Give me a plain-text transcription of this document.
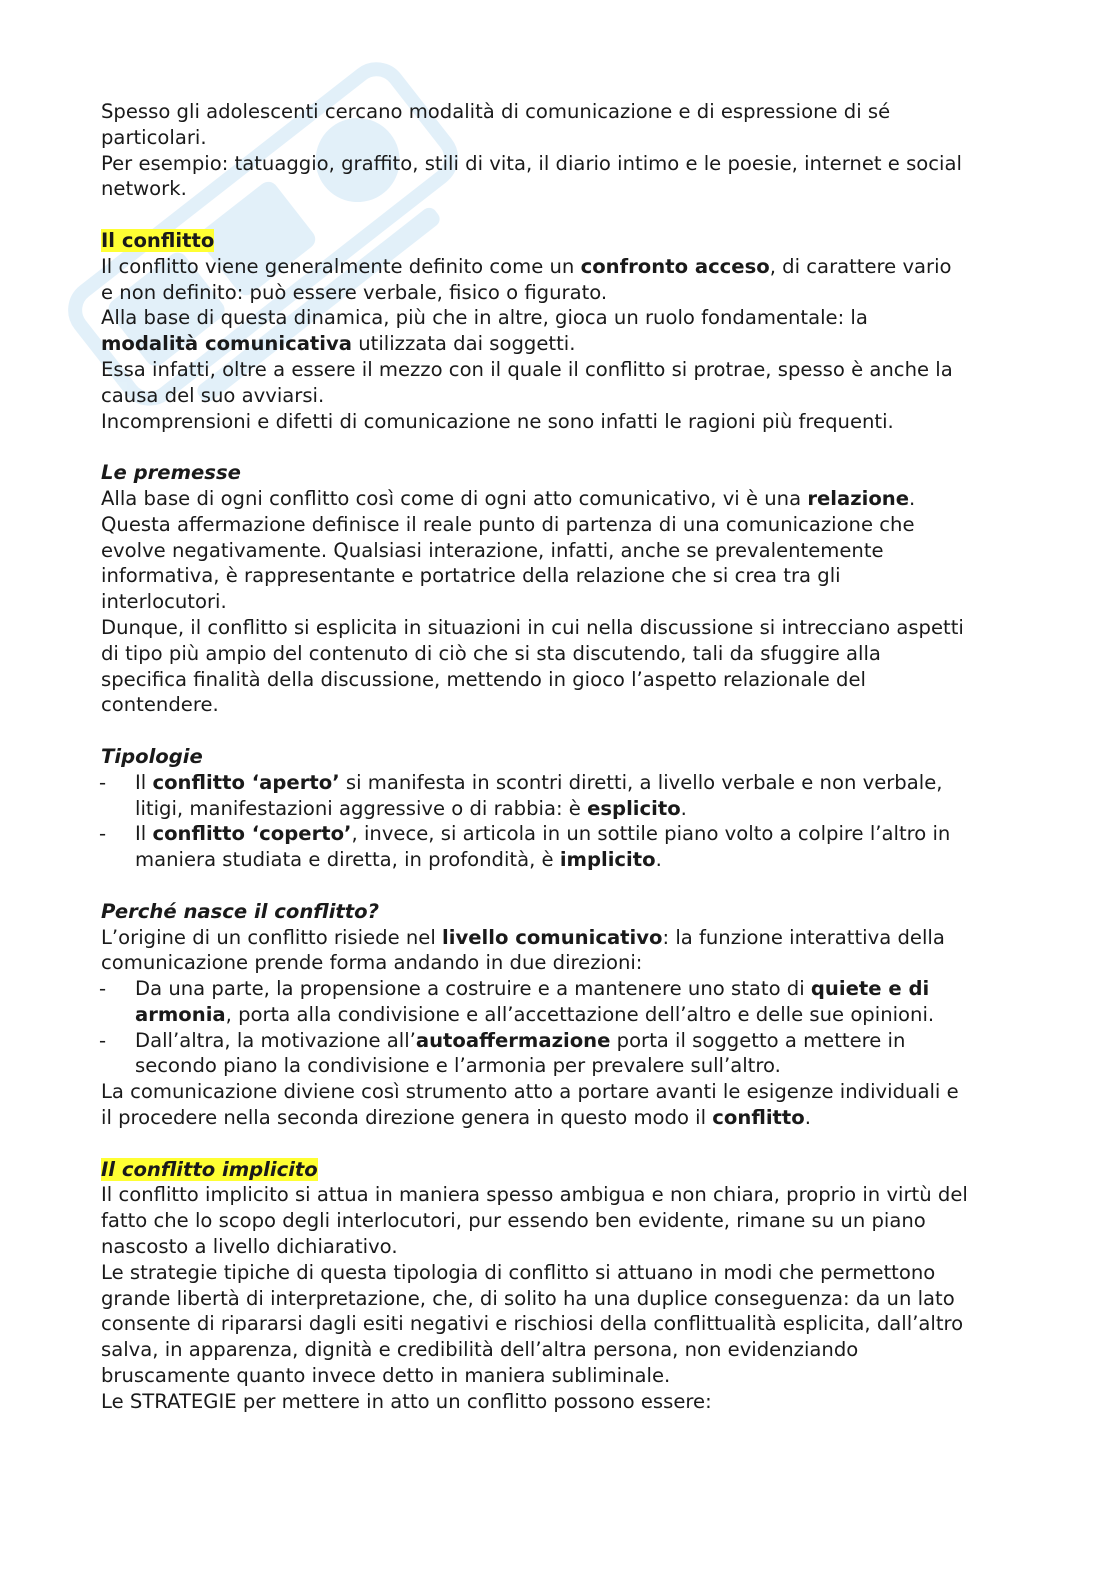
Spesso gli adolescenti cercano modalità di comunicazione e di espressione di sé
particolari.
Per esempio: tatuaggio, graffito, stili di vita, il diario intimo e le poesie, internet e social
network.
Il conflitto
Il conflitto viene generalmente definito come un confronto acceso, di carattere vario
e non definito: può essere verbale, fisico o figurato.
Alla base di questa dinamica, più che in altre, gioca un ruolo fondamentale: la
modalità comunicativa utilizzata dai soggetti.
Essa infatti, oltre a essere il mezzo con il quale il conflitto si protrae, spesso è anche la
causa del suo avviarsi.
Incomprensioni e difetti di comunicazione ne sono infatti le ragioni più frequenti.
Le premesse
Alla base di ogni conflitto così come di ogni atto comunicativo, vi è una relazione.
Questa affermazione definisce il reale punto di partenza di una comunicazione che
evolve negativamente. Qualsiasi interazione, infatti, anche se prevalentemente
informativa, è rappresentante e portatrice della relazione che si crea tra gli
interlocutori.
Dunque, il conflitto si esplicita in situazioni in cui nella discussione si intrecciano aspetti
di tipo più ampio del contenuto di ciò che si sta discutendo, tali da sfuggire alla
specifica finalità della discussione, mettendo in gioco l’aspetto relazionale del
contendere.
Tipologie
- Il conflitto ‘aperto’ si manifesta in scontri diretti, a livello verbale e non verbale,
litigi, manifestazioni aggressive o di rabbia: è esplicito.
- Il conflitto ‘coperto’, invece, si articola in un sottile piano volto a colpire l’altro in
maniera studiata e diretta, in profondità, è implicito.
Perché nasce il conflitto?
L’origine di un conflitto risiede nel livello comunicativo: la funzione interattiva della
comunicazione prende forma andando in due direzioni:
- Da una parte, la propensione a costruire e a mantenere uno stato di quiete e di
armonia, porta alla condivisione e all’accettazione dell’altro e delle sue opinioni.
- Dall’altra, la motivazione all’autoaffermazione porta il soggetto a mettere in
secondo piano la condivisione e l’armonia per prevalere sull’altro.
La comunicazione diviene così strumento atto a portare avanti le esigenze individuali e
il procedere nella seconda direzione genera in questo modo il conflitto.
Il conflitto implicito
Il conflitto implicito si attua in maniera spesso ambigua e non chiara, proprio in virtù del
fatto che lo scopo degli interlocutori, pur essendo ben evidente, rimane su un piano
nascosto a livello dichiarativo.
Le strategie tipiche di questa tipologia di conflitto si attuano in modi che permettono
grande libertà di interpretazione, che, di solito ha una duplice conseguenza: da un lato
consente di ripararsi dagli esiti negativi e rischiosi della conflittualità esplicita, dall’altro
salva, in apparenza, dignità e credibilità dell’altra persona, non evidenziando
bruscamente quanto invece detto in maniera subliminale.
Le STRATEGIE per mettere in atto un conflitto possono essere:
